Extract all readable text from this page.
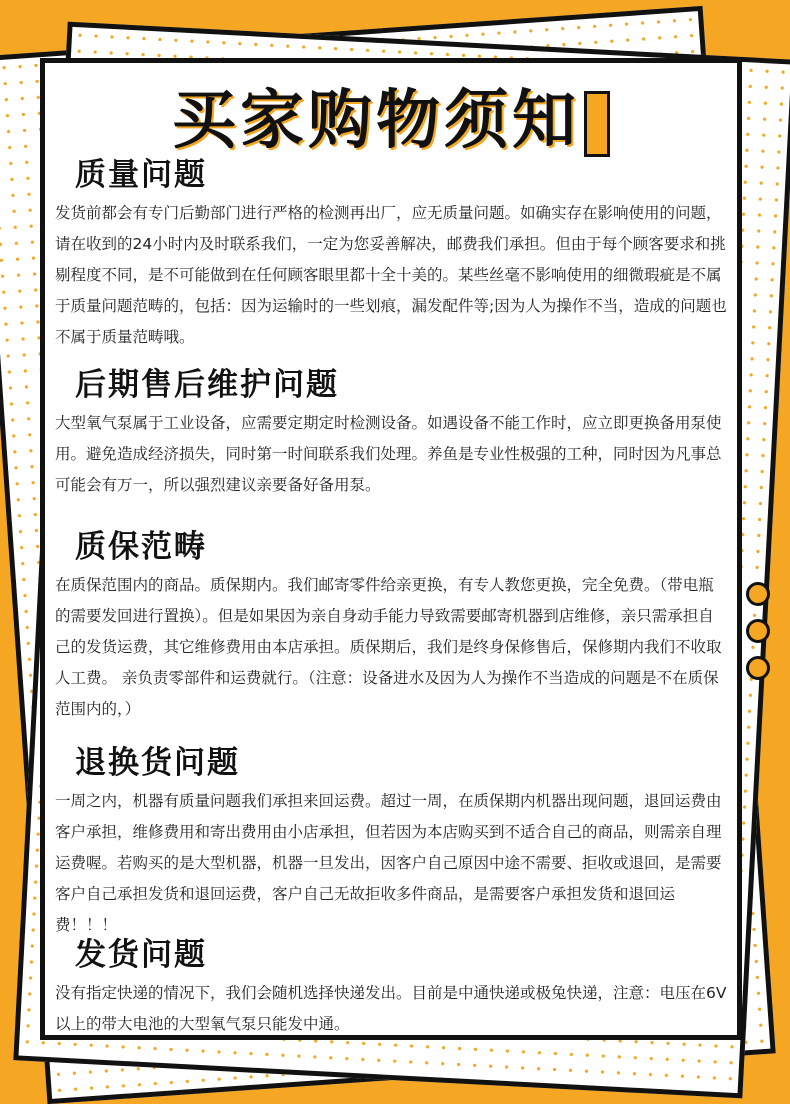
买家购物须知
质量问题
发货前都会有专门后勤部门进行严格的检测再出厂，应无质量问题。如确实存在影响使用的问题，请在收到的24小时内及时联系我们，一定为您妥善解决，邮费我们承担。但由于每个顾客要求和挑剔程度不同，是不可能做到在任何顾客眼里都十全十美的。某些丝毫不影响使用的细微瑕疵是不属于质量问题范畴的，包括：因为运输时的一些划痕，漏发配件等;因为人为操作不当，造成的问题也不属于质量范畴哦。
后期售后维护问题
大型氧气泵属于工业设备，应需要定期定时检测设备。如遇设备不能工作时，应立即更换备用泵使用。避免造成经济损失，同时第一时间联系我们处理。养鱼是专业性极强的工种，同时因为凡事总可能会有万一，所以强烈建议亲要备好备用泵。
质保范畴
在质保范围内的商品。质保期内。我们邮寄零件给亲更换，有专人教您更换，完全免费。（带电瓶的需要发回进行置换）。但是如果因为亲自身动手能力导致需要邮寄机器到店维修，亲只需承担自己的发货运费，其它维修费用由本店承担。质保期后，我们是终身保修售后，保修期内我们不收取人工费。 亲负责零部件和运费就行。（注意：设备进水及因为人为操作不当造成的问题是不在质保范围内的，）
退换货问题
一周之内，机器有质量问题我们承担来回运费。超过一周，在质保期内机器出现问题，退回运费由客户承担，维修费用和寄出费用由小店承担，但若因为本店购买到不适合自己的商品，则需亲自理运费喔。若购买的是大型机器，机器一旦发出，因客户自己原因中途不需要、拒收或退回，是需要客户自己承担发货和退回运费，客户自己无故拒收多件商品，是需要客户承担发货和退回运费！！！
发货问题
没有指定快递的情况下，我们会随机选择快递发出。目前是中通快递或极兔快递，注意：电压在6V以上的带大电池的大型氧气泵只能发中通。
